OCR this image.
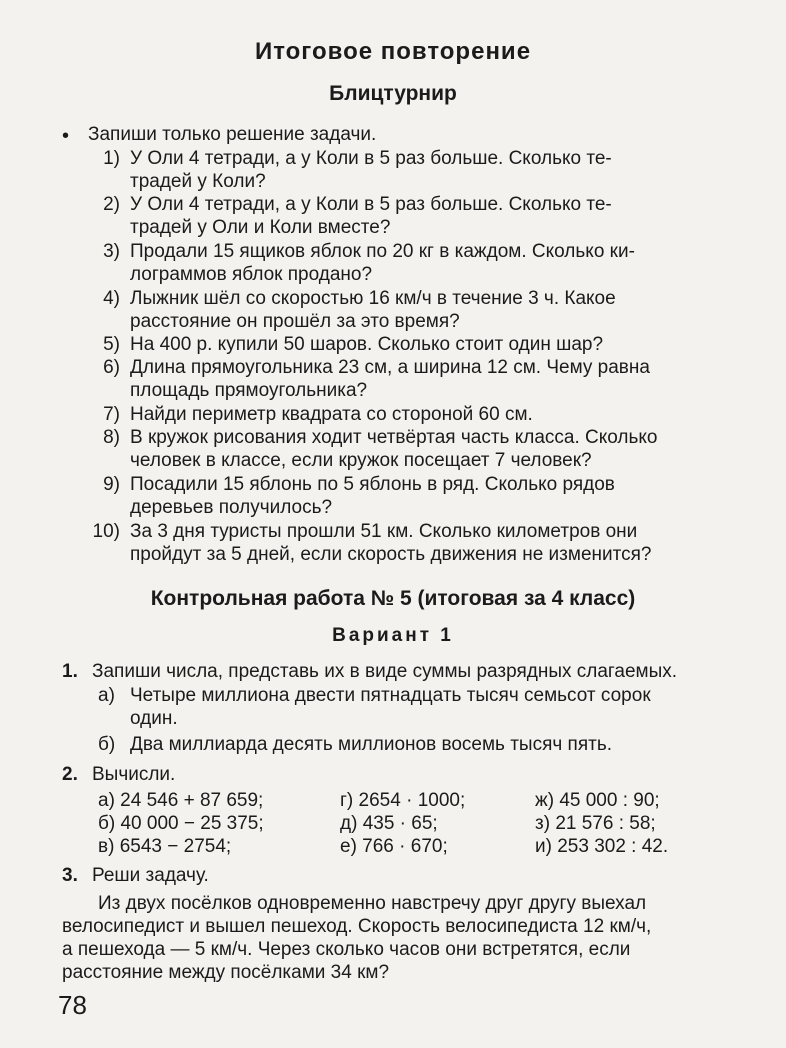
Итоговое повторение
Блицтурнир
• Запиши только решение задачи.
1) У Оли 4 тетради, а у Коли в 5 раз больше. Сколько те-
традей у Коли?
2) У Оли 4 тетради, а у Коли в 5 раз больше. Сколько те-
традей у Оли и Коли вместе?
3) Продали 15 ящиков яблок по 20 кг в каждом. Сколько ки-
лограммов яблок продано?
4) Лыжник шёл со скоростью 16 км/ч в течение 3 ч. Какое
расстояние он прошёл за это время?
5) На 400 р. купили 50 шаров. Сколько стоит один шар?
6) Длина прямоугольника 23 см, а ширина 12 см. Чему равна
площадь прямоугольника?
7) Найди периметр квадрата со стороной 60 см.
8) В кружок рисования ходит четвёртая часть класса. Сколько
человек в классе, если кружок посещает 7 человек?
9) Посадили 15 яблонь по 5 яблонь в ряд. Сколько рядов
деревьев получилось?
10) За 3 дня туристы прошли 51 км. Сколько километров они
пройдут за 5 дней, если скорость движения не изменится?
Контрольная работа № 5 (итоговая за 4 класс)
Вариант 1
1. Запиши числа, представь их в виде суммы разрядных слагаемых.
а) Четыре миллиона двести пятнадцать тысяч семьсот сорок
один.
б) Два миллиарда десять миллионов восемь тысяч пять.
2. Вычисли.
а) 24 546 + 87 659;	г) 2654 · 1000;	ж) 45 000 : 90;
б) 40 000 − 25 375;	д) 435 · 65;	з) 21 576 : 58;
в) 6543 − 2754;	е) 766 · 670;	и) 253 302 : 42.
3. Реши задачу.
Из двух посёлков одновременно навстречу друг другу выехал
велосипедист и вышел пешеход. Скорость велосипедиста 12 км/ч,
а пешехода — 5 км/ч. Через сколько часов они встретятся, если
расстояние между посёлками 34 км?
78
